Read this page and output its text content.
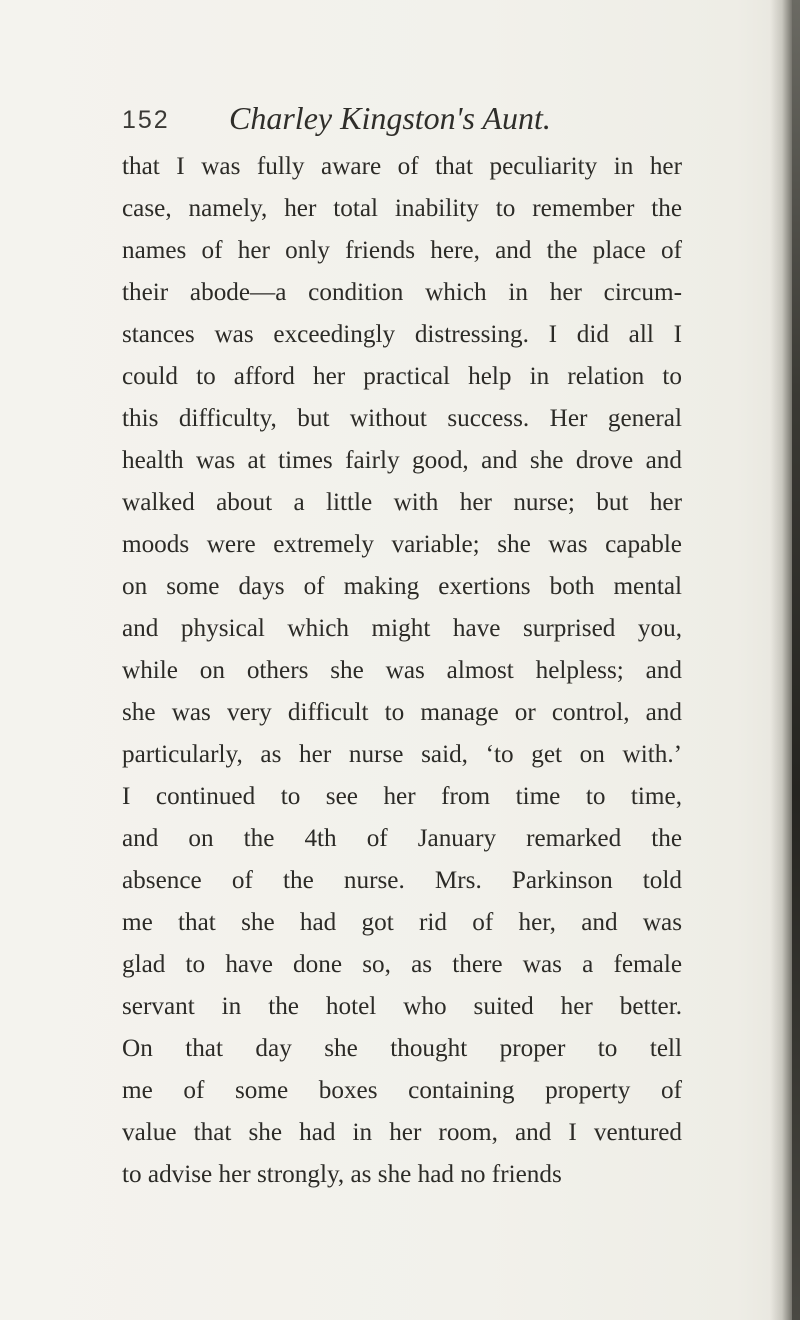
152 Charley Kingston's Aunt.
that I was fully aware of that peculiarity in her
case, namely, her total inability to remember the
names of her only friends here, and the place of
their abode—a condition which in her circum-
stances was exceedingly distressing. I did all I
could to afford her practical help in relation to
this difficulty, but without success. Her general
health was at times fairly good, and she drove and
walked about a little with her nurse; but her
moods were extremely variable; she was capable
on some days of making exertions both mental
and physical which might have surprised you,
while on others she was almost helpless; and
she was very difficult to manage or control, and
particularly, as her nurse said, ‘to get on with.’
I continued to see her from time to time,
and on the 4th of January remarked the
absence of the nurse. Mrs. Parkinson told
me that she had got rid of her, and was
glad to have done so, as there was a female
servant in the hotel who suited her better.
On that day she thought proper to tell
me of some boxes containing property of
value that she had in her room, and I ventured
to advise her strongly, as she had no friends
